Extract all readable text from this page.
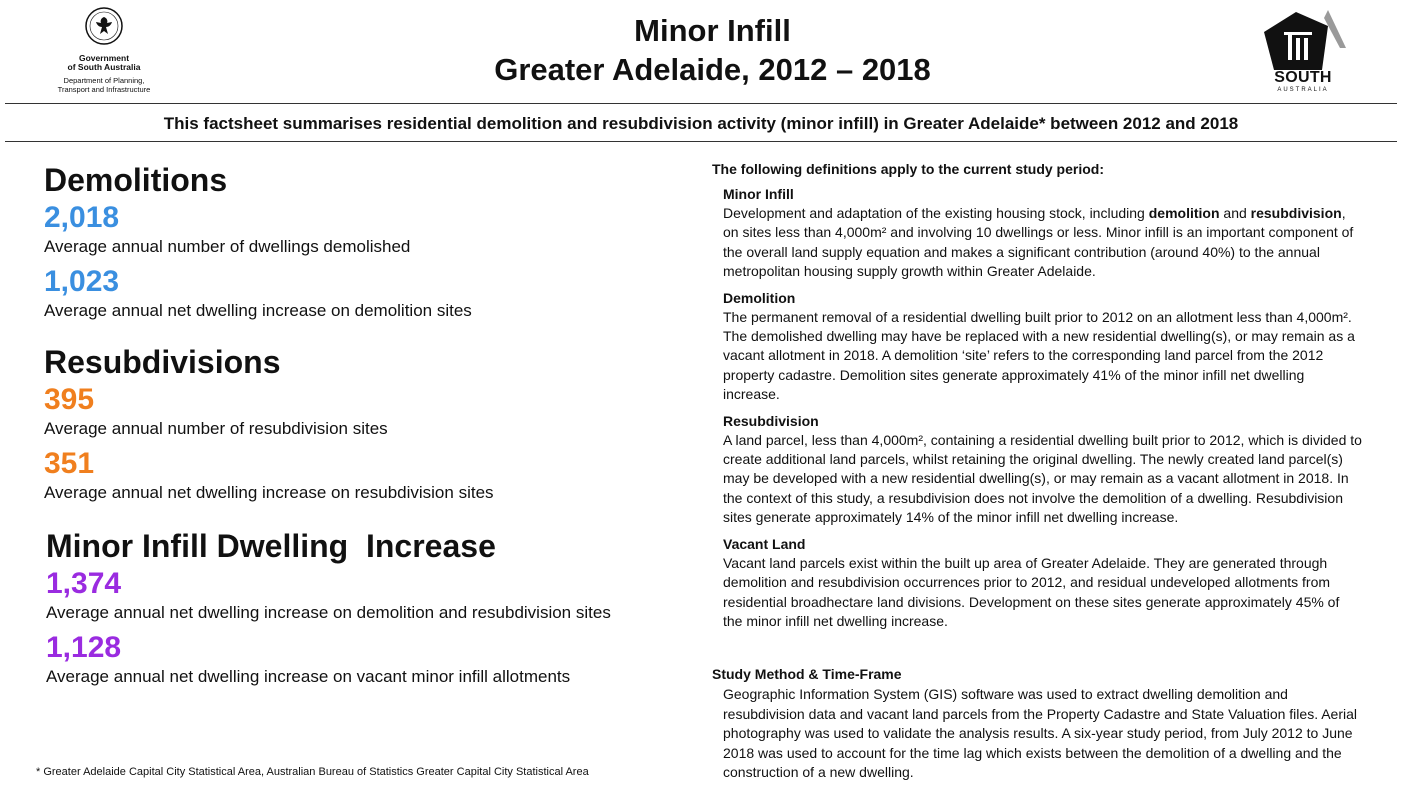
Government
of South Australia
Department of Planning, Transport and Infrastructure
Minor Infill
Greater Adelaide, 2012 – 2018	SOUTH
AUSTRALIA
This factsheet summarises residential demolition and resubdivision activity (minor infill) in Greater Adelaide* between 2012 and 2018
Demolitions
2,018
Average annual number of dwellings demolished
1,023
Average annual net dwelling increase on demolition sites
Resubdivisions
395
Average annual number of resubdivision sites
351
Average annual net dwelling increase on resubdivision sites
Minor Infill Dwelling  Increase
1,374
Average annual net dwelling increase on demolition and resubdivision sites
1,128
Average annual net dwelling increase on vacant minor infill allotments
The following definitions apply to the current study period:
Minor Infill
Development and adaptation of the existing housing stock, including demolition and resubdivision, on sites less than 4,000m² and involving 10 dwellings or less. Minor infill is an important component of the overall land supply equation and makes a significant contribution (around 40%) to the annual metropolitan housing supply growth within Greater Adelaide.
Demolition
The permanent removal of a residential dwelling built prior to 2012 on an allotment less than 4,000m². The demolished dwelling may have be replaced with a new residential dwelling(s), or may remain as a vacant allotment in 2018. A demolition ‘site’ refers to the corresponding land parcel from the 2012 property cadastre. Demolition sites generate approximately 41% of the minor infill net dwelling increase.
Resubdivision
A land parcel, less than 4,000m², containing a residential dwelling built prior to 2012, which is divided to create additional land parcels, whilst retaining the original dwelling. The newly created land parcel(s) may be developed with a new residential dwelling(s), or may remain as a vacant allotment in 2018. In the context of this study, a resubdivision does not involve the demolition of a dwelling. Resubdivision sites generate approximately 14% of the minor infill net dwelling increase.
Vacant Land
Vacant land parcels exist within the built up area of Greater Adelaide. They are generated through demolition and resubdivision occurrences prior to 2012, and residual undeveloped allotments from residential broadhectare land divisions. Development on these sites generate approximately 45% of the minor infill net dwelling increase.
Study Method & Time-Frame
Geographic Information System (GIS) software was used to extract dwelling demolition and resubdivision data and vacant land parcels from the Property Cadastre and State Valuation files. Aerial photography was used to validate the analysis results. A six-year study period, from July 2012 to June 2018 was used to account for the time lag which exists between the demolition of a dwelling and the construction of a new dwelling.
* Greater Adelaide Capital City Statistical Area, Australian Bureau of Statistics Greater Capital City Statistical Area
